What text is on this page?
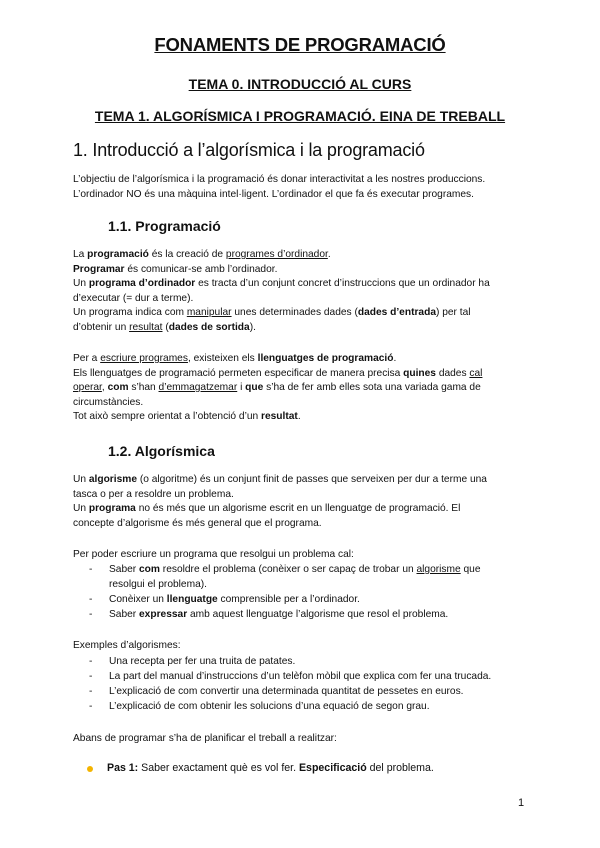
FONAMENTS DE PROGRAMACIÓ
TEMA 0. INTRODUCCIÓ AL CURS
TEMA 1. ALGORÍSMICA I PROGRAMACIÓ. EINA DE TREBALL
1. Introducció a l’algorísmica i la programació
L’objectiu de l’algorísmica i la programació és donar interactivitat a les nostres produccions.
L’ordinador NO és una màquina intel·ligent. L’ordinador el que fa és executar programes.
1.1. Programació
La programació és la creació de programes d’ordinador.
Programar és comunicar-se amb l’ordinador.
Un programa d’ordinador es tracta d’un conjunt concret d’instruccions que un ordinador ha
d’executar (= dur a terme).
Un programa indica com manipular unes determinades dades (dades d’entrada) per tal
d’obtenir un resultat (dades de sortida).
Per a escriure programes, existeixen els llenguatges de programació.
Els llenguatges de programació permeten especificar de manera precisa quines dades cal
operar, com s’han d’emmagatzemar i que s’ha de fer amb elles sota una variada gama de
circumstàncies.
Tot això sempre orientat a l’obtenció d’un resultat.
1.2. Algorísmica
Un algorisme (o algoritme) és un conjunt finit de passes que serveixen per dur a terme una
tasca o per a resoldre un problema.
Un programa no és més que un algorisme escrit en un llenguatge de programació. El
concepte d’algorisme és més general que el programa.
Per poder escriure un programa que resolgui un problema cal:
- Saber com resoldre el problema (conèixer o ser capaç de trobar un algorisme que
resolgui el problema).
- Conèixer un llenguatge comprensible per a l’ordinador.
- Saber expressar amb aquest llenguatge l’algorisme que resol el problema.
Exemples d’algorismes:
- Una recepta per fer una truita de patates.
- La part del manual d’instruccions d’un telèfon mòbil que explica com fer una trucada.
- L’explicació de com convertir una determinada quantitat de pessetes en euros.
- L’explicació de com obtenir les solucions d’una equació de segon grau.
Abans de programar s’ha de planificar el treball a realitzar:
Pas 1: Saber exactament què es vol fer. Especificació del problema.
1
